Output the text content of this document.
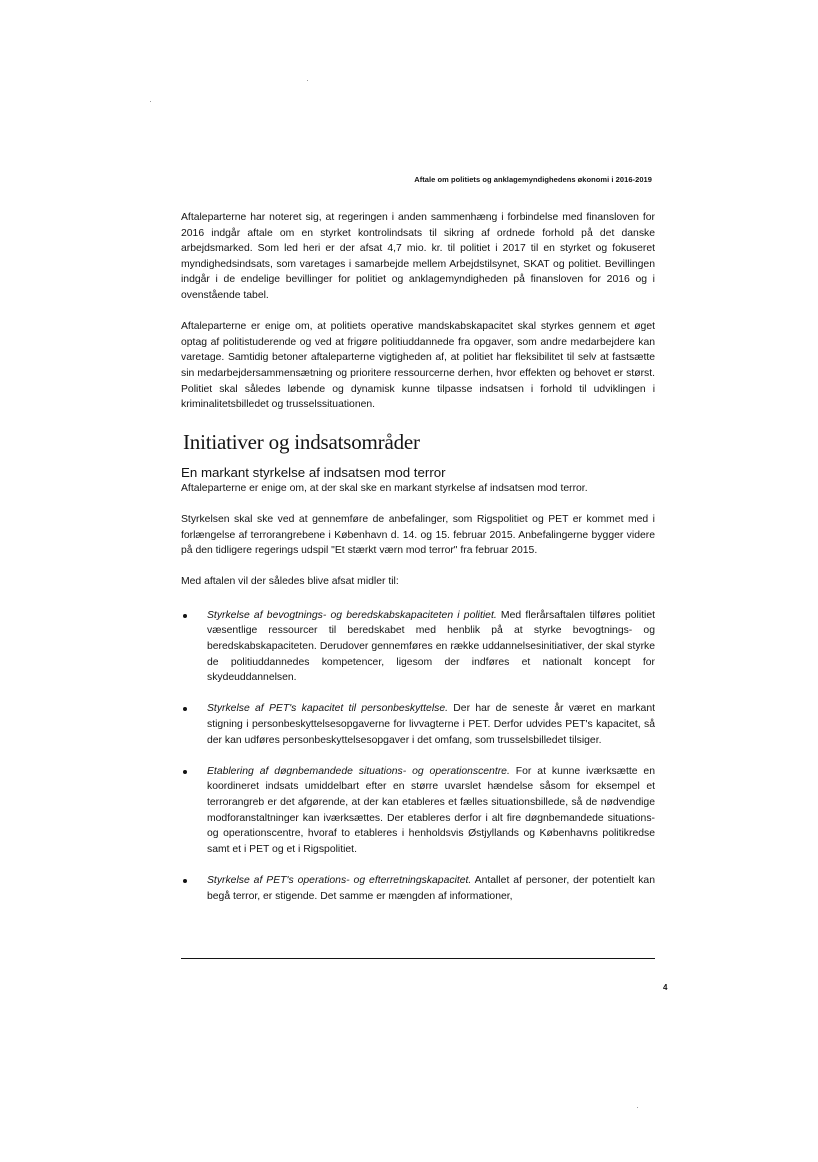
Aftale om politiets og anklagemyndighedens økonomi i 2016-2019

Aftaleparterne har noteret sig, at regeringen i anden sammenhæng i forbindelse med finansloven for 2016 indgår aftale om en styrket kontrolindsats til sikring af ordnede forhold på det danske arbejdsmarked. Som led heri er der afsat 4,7 mio. kr. til politiet i 2017 til en styrket og fokuseret myndighedsindsats, som varetages i samarbejde mellem Arbejdstilsynet, SKAT og politiet. Bevillingen indgår i de endelige bevillinger for politiet og anklagemyndigheden på finansloven for 2016 og i ovenstående tabel.

Aftaleparterne er enige om, at politiets operative mandskabskapacitet skal styrkes gennem et øget optag af politistuderende og ved at frigøre politiuddannede fra opgaver, som andre medarbejdere kan varetage. Samtidig betoner aftaleparterne vigtigheden af, at politiet har fleksibilitet til selv at fastsætte sin medarbejdersammensætning og prioritere ressourcerne derhen, hvor effekten og behovet er størst. Politiet skal således løbende og dynamisk kunne tilpasse indsatsen i forhold til udviklingen i kriminalitetsbilledet og trusselssituationen.

Initiativer og indsatsområder
En markant styrkelse af indsatsen mod terror

Aftaleparterne er enige om, at der skal ske en markant styrkelse af indsatsen mod terror.

Styrkelsen skal ske ved at gennemføre de anbefalinger, som Rigspolitiet og PET er kommet med i forlængelse af terrorangrebene i København d. 14. og 15. februar 2015. Anbefalingerne bygger videre på den tidligere regerings udspil "Et stærkt værn mod terror" fra februar 2015.

Med aftalen vil der således blive afsat midler til:

Styrkelse af bevogtnings- og beredskabskapaciteten i politiet. Med flerårsaftalen tilføres politiet væsentlige ressourcer til beredskabet med henblik på at styrke bevogtnings- og beredskabskapaciteten. Derudover gennemføres en række uddannelsesinitiativer, der skal styrke de politiuddannedes kompetencer, ligesom der indføres et nationalt koncept for skydeuddannelsen.

Styrkelse af PET's kapacitet til personbeskyttelse. Der har de seneste år været en markant stigning i personbeskyttelsesopgaverne for livvagterne i PET. Derfor udvides PET's kapacitet, så der kan udføres personbeskyttelsesopgaver i det omfang, som trusselsbilledet tilsiger.

Etablering af døgnbemandede situations- og operationscentre. For at kunne iværksætte en koordineret indsats umiddelbart efter en større uvarslet hændelse såsom for eksempel et terrorangreb er det afgørende, at der kan etableres et fælles situationsbillede, så de nødvendige modforanstaltninger kan iværksættes. Der etableres derfor i alt fire døgnbemandede situations- og operationscentre, hvoraf to etableres i henholdsvis Østjyllands og Københavns politikredse samt et i PET og et i Rigspolitiet.

Styrkelse af PET's operations- og efterretningskapacitet. Antallet af personer, der potentielt kan begå terror, er stigende. Det samme er mængden af informationer,

4
